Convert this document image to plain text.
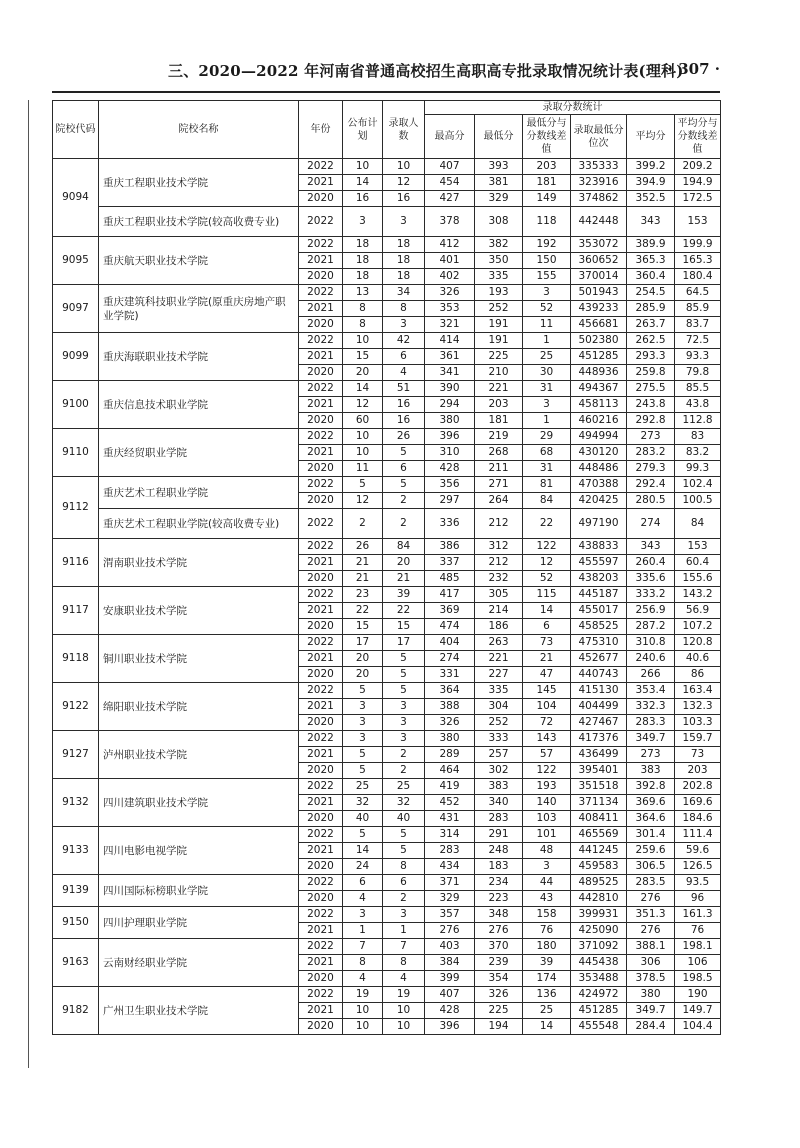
三、2020—2022 年河南省普通高校招生高职高专批录取情况统计表(理科)
· 307 ·
院校代码	院校名称	年份	公布计划	录取人数	录取分数统计					
					最高分	最低分	最低分与分数线差值	录取最低分位次	平均分	平均分与分数线差值
9094	重庆工程职业技术学院	2022	10	10	407	393	203	335333	399.2	209.2
		2021	14	12	454	381	181	323916	394.9	194.9
		2020	16	16	427	329	149	374862	352.5	172.5
	重庆工程职业技术学院(较高收费专业)	2022	3	3	378	308	118	442448	343	153
9095	重庆航天职业技术学院	2022	18	18	412	382	192	353072	389.9	199.9
		2021	18	18	401	350	150	360652	365.3	165.3
		2020	18	18	402	335	155	370014	360.4	180.4
9097	重庆建筑科技职业学院(原重庆房地产职业学院)	2022	13	34	326	193	3	501943	254.5	64.5
		2021	8	8	353	252	52	439233	285.9	85.9
		2020	8	3	321	191	11	456681	263.7	83.7
9099	重庆海联职业技术学院	2022	10	42	414	191	1	502380	262.5	72.5
		2021	15	6	361	225	25	451285	293.3	93.3
		2020	20	4	341	210	30	448936	259.8	79.8
9100	重庆信息技术职业学院	2022	14	51	390	221	31	494367	275.5	85.5
		2021	12	16	294	203	3	458113	243.8	43.8
		2020	60	16	380	181	1	460216	292.8	112.8
9110	重庆经贸职业学院	2022	10	26	396	219	29	494994	273	83
		2021	10	5	310	268	68	430120	283.2	83.2
		2020	11	6	428	211	31	448486	279.3	99.3
9112	重庆艺术工程职业学院	2022	5	5	356	271	81	470388	292.4	102.4
		2020	12	2	297	264	84	420425	280.5	100.5
	重庆艺术工程职业学院(较高收费专业)	2022	2	2	336	212	22	497190	274	84
9116	渭南职业技术学院	2022	26	84	386	312	122	438833	343	153
		2021	21	20	337	212	12	455597	260.4	60.4
		2020	21	21	485	232	52	438203	335.6	155.6
9117	安康职业技术学院	2022	23	39	417	305	115	445187	333.2	143.2
		2021	22	22	369	214	14	455017	256.9	56.9
		2020	15	15	474	186	6	458525	287.2	107.2
9118	铜川职业技术学院	2022	17	17	404	263	73	475310	310.8	120.8
		2021	20	5	274	221	21	452677	240.6	40.6
		2020	20	5	331	227	47	440743	266	86
9122	绵阳职业技术学院	2022	5	5	364	335	145	415130	353.4	163.4
		2021	3	3	388	304	104	404499	332.3	132.3
		2020	3	3	326	252	72	427467	283.3	103.3
9127	泸州职业技术学院	2022	3	3	380	333	143	417376	349.7	159.7
		2021	5	2	289	257	57	436499	273	73
		2020	5	2	464	302	122	395401	383	203
9132	四川建筑职业技术学院	2022	25	25	419	383	193	351518	392.8	202.8
		2021	32	32	452	340	140	371134	369.6	169.6
		2020	40	40	431	283	103	408411	364.6	184.6
9133	四川电影电视学院	2022	5	5	314	291	101	465569	301.4	111.4
		2021	14	5	283	248	48	441245	259.6	59.6
		2020	24	8	434	183	3	459583	306.5	126.5
9139	四川国际标榜职业学院	2022	6	6	371	234	44	489525	283.5	93.5
		2020	4	2	329	223	43	442810	276	96
9150	四川护理职业学院	2022	3	3	357	348	158	399931	351.3	161.3
		2021	1	1	276	276	76	425090	276	76
9163	云南财经职业学院	2022	7	7	403	370	180	371092	388.1	198.1
		2021	8	8	384	239	39	445438	306	106
		2020	4	4	399	354	174	353488	378.5	198.5
9182	广州卫生职业技术学院	2022	19	19	407	326	136	424972	380	190
		2021	10	10	428	225	25	451285	349.7	149.7
		2020	10	10	396	194	14	455548	284.4	104.4
